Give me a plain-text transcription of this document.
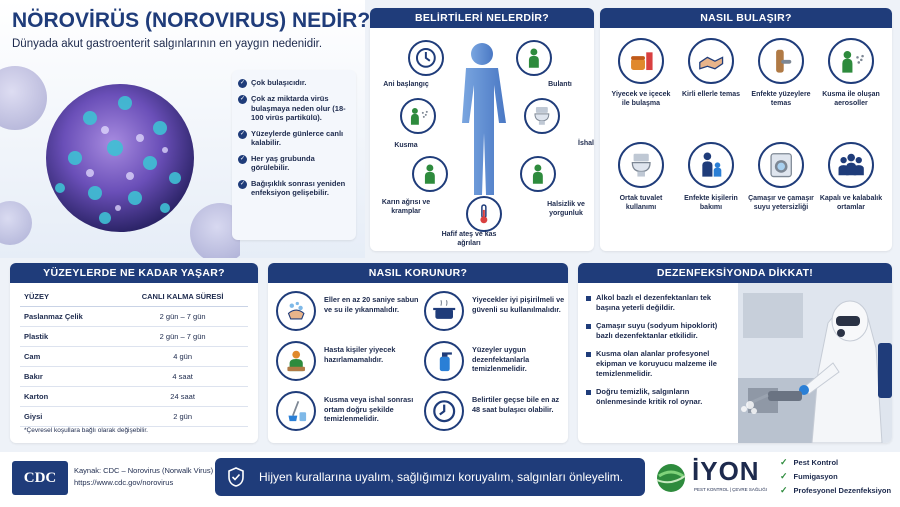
NÖROVİRÜS (NOROVIRUS) NEDİR?
Dünyada akut gastroenterit salgınlarının en yaygın nedenidir.
✓ Çok bulaşıcıdır.
✓ Çok az miktarda virüs bulaşmaya neden olur (18-100 virüs partikülü).
✓ Yüzeylerde günlerce canlı kalabilir.
✓ Her yaş grubunda görülebilir.
✓ Bağışıklık sonrası yeniden enfeksiyon gelişebilir.
BELİRTİLERİ NELERDİR?
Ani başlangıç	Bulantı
Kusma	İshal
Karın ağrısı ve kramplar
Halsizlik ve yorgunluk
Hafif ateş ve kas ağrıları
NASIL BULAŞIR?
Yiyecek ve içecek ile bulaşma
Kirli ellerle temas	Enfekte yüzeylere temas
Kusma ile oluşan aerosoller
Ortak tuvalet kullanımı
Enfekte kişilerin bakımı
Çamaşır ve çamaşır suyu yetersizliği
Kapalı ve kalabalık ortamlar
YÜZEYLERDE NE KADAR YAŞAR?
YÜZEY	CANLI KALMA SÜRESİ
Paslanmaz Çelik	2 gün – 7 gün
Plastik	2 gün – 7 gün
Cam	4 gün
Bakır	4 saat
Karton	24 saat
Giysi	2 gün
*Çevresel koşullara bağlı olarak değişebilir.
NASIL KORUNUR?
Eller en az 20 saniye sabun ve su ile yıkanmalıdır.
Yiyecekler iyi pişirilmeli ve güvenli su kullanılmalıdır.
Hasta kişiler yiyecek hazırlamamalıdır.
Yüzeyler uygun dezenfektanlarla temizlenmelidir.
Kusma veya ishal sonrası ortam doğru şekilde temizlenmelidir.
Belirtiler geçse bile en az 48 saat bulaşıcı olabilir.
DEZENFEKSİYONDA DİKKAT!
Alkol bazlı el dezenfektanları tek başına yeterli değildir.
Çamaşır suyu (sodyum hipoklorit) bazlı dezenfektanlar etkilidir.
Kusma olan alanlar profesyonel ekipman ve koruyucu malzeme ile temizlenmelidir.
Doğru temizlik, salgınların önlenmesinde kritik rol oynar.
CDC Kaynak: CDC – Norovirus (Norwalk Virus)
https://www.cdc.gov/norovirus	Hijyen kurallarına uyalım, sağlığımızı koruyalım, salgınları önleyelim.	İYON
PEST KONTROL | ÇEVRE SAĞLIĞI
✓ Pest Kontrol
✓ Fumigasyon
✓ Profesyonel Dezenfeksiyon
